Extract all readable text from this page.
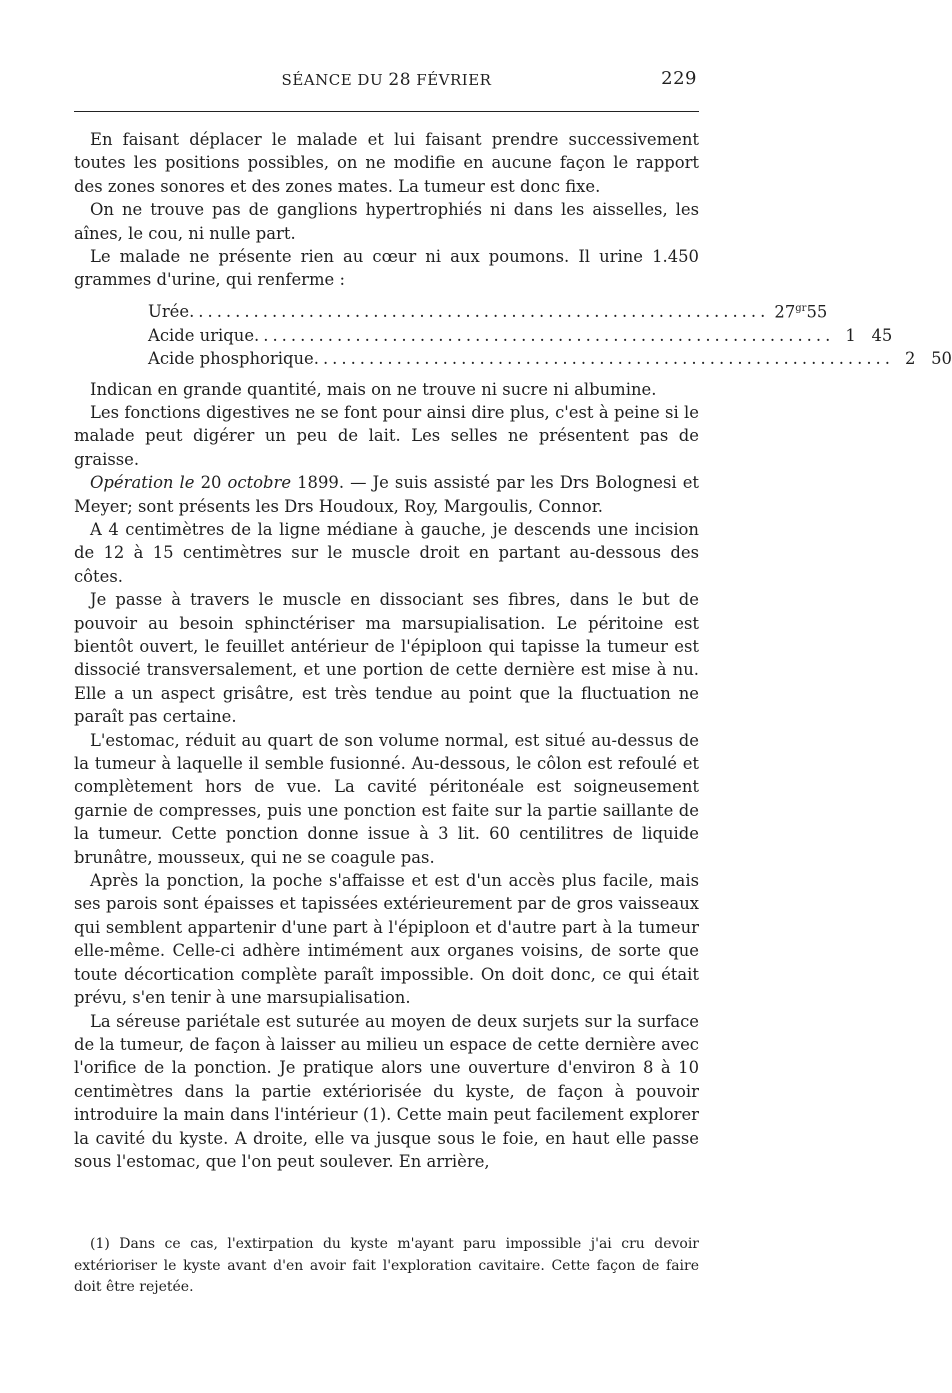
SÉANCE DU 28 FÉVRIER	229

En faisant déplacer le malade et lui faisant prendre successivement toutes les positions possibles, on ne modifie en aucune façon le rapport des zones sonores et des zones mates. La tumeur est donc fixe.

On ne trouve pas de ganglions hypertrophiés ni dans les aisselles, les aînes, le cou, ni nulle part.

Le malade ne présente rien au cœur ni aux poumons. Il urine 1.450 grammes d'urine, qui renferme :

Urée ............................................................... $27^{gr}55$
Acide urique ............................................................... 1 45
Acide phosphorique ............................................................... 2 50

Indican en grande quantité, mais on ne trouve ni sucre ni albumine.

Les fonctions digestives ne se font pour ainsi dire plus, c'est à peine si le malade peut digérer un peu de lait. Les selles ne présentent pas de graisse.

Opération le 20 octobre 1899. — Je suis assisté par les Drs Bolognesi et Meyer; sont présents les Drs Houdoux, Roy, Margoulis, Connor.

A 4 centimètres de la ligne médiane à gauche, je descends une incision de 12 à 15 centimètres sur le muscle droit en partant au-dessous des côtes.

Je passe à travers le muscle en dissociant ses fibres, dans le but de pouvoir au besoin sphinctériser ma marsupialisation. Le péritoine est bientôt ouvert, le feuillet antérieur de l'épiploon qui tapisse la tumeur est dissocié transversalement, et une portion de cette dernière est mise à nu. Elle a un aspect grisâtre, est très tendue au point que la fluctuation ne paraît pas certaine.

L'estomac, réduit au quart de son volume normal, est situé au-dessus de la tumeur à laquelle il semble fusionné. Au-dessous, le côlon est refoulé et complètement hors de vue. La cavité péritonéale est soigneusement garnie de compresses, puis une ponction est faite sur la partie saillante de la tumeur. Cette ponction donne issue à 3 lit. 60 centilitres de liquide brunâtre, mousseux, qui ne se coagule pas.

Après la ponction, la poche s'affaisse et est d'un accès plus facile, mais ses parois sont épaisses et tapissées extérieurement par de gros vaisseaux qui semblent appartenir d'une part à l'épiploon et d'autre part à la tumeur elle-même. Celle-ci adhère intimément aux organes voisins, de sorte que toute décortication complète paraît impossible. On doit donc, ce qui était prévu, s'en tenir à une marsupialisation.

La séreuse pariétale est suturée au moyen de deux surjets sur la surface de la tumeur, de façon à laisser au milieu un espace de cette dernière avec l'orifice de la ponction. Je pratique alors une ouverture d'environ 8 à 10 centimètres dans la partie extériorisée du kyste, de façon à pouvoir introduire la main dans l'intérieur (1). Cette main peut facilement explorer la cavité du kyste. A droite, elle va jusque sous le foie, en haut elle passe sous l'estomac, que l'on peut soulever. En arrière,

(1) Dans ce cas, l'extirpation du kyste m'ayant paru impossible j'ai cru devoir extérioriser le kyste avant d'en avoir fait l'exploration cavitaire. Cette façon de faire doit être rejetée.
